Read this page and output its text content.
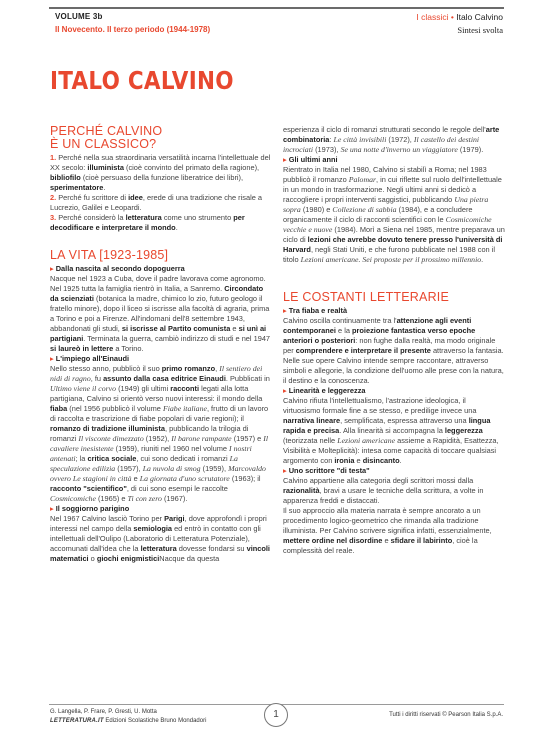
VOLUME 3b
Il Novecento. Il terzo periodo (1944-1978)
I classici • Italo Calvino
Sintesi svolta
ITALO CALVINO
PERCHÉ CALVINO
È UN CLASSICO?

1. Perché nella sua straordinaria versatilità incarna l'intellettuale del XX secolo: illuminista (cioè convinto del primato della ragione), bibliofilo (cioè persuaso della funzione liberatrice dei libri), sperimentatore.

2. Perché fu scrittore di idee, erede di una tradizione che risale a Lucrezio, Galilei e Leopardi.

3. Perché considerò la letteratura come uno strumento per decodificare e interpretare il mondo.

LA VITA [1923-1985]

▸ Dalla nascita al secondo dopoguerra

Nacque nel 1923 a Cuba, dove il padre lavorava come agronomo. Nel 1925 tutta la famiglia rientrò in Italia, a Sanremo. Circondato da scienziati (botanica la madre, chimico lo zio, futuro geologo il fratello minore), dopo il liceo si iscrisse alla facoltà di agraria, prima a Torino e poi a Firenze. All'indomani dell'8 settembre 1943, abbandonati gli studi, si iscrisse al Partito comunista e si unì ai partigiani. Terminata la guerra, cambiò indirizzo di studi e nel 1947 si laureò in lettere a Torino.

▸ L'impiego all'Einaudi

Nello stesso anno, pubblicò il suo primo romanzo, Il sentiero dei nidi di ragno, fu assunto dalla casa editrice Einaudi. Pubblicati in Ultimo viene il corvo (1949) gli ultimi racconti legati alla lotta partigiana, Calvino si orientò verso nuovi interessi: il mondo della fiaba (nel 1956 pubblicò il volume Fiabe italiane, frutto di un lavoro di raccolta e trascrizione di fiabe popolari di varie regioni); il romanzo di tradizione illuminista, pubblicando la trilogia di romanzi Il visconte dimezzato (1952), Il barone rampante (1957) e Il cavaliere inesistente (1959), riuniti nel 1960 nel volume I nostri antenati; la critica sociale, cui sono dedicati i romanzi La speculazione edilizia (1957), La nuvola di smog (1959), Marcovaldo ovvero Le stagioni in città e La giornata d'uno scrutatore (1963); il racconto "scientifico", di cui sono esempi le raccolte Cosmicomiche (1965) e Ti con zero (1967).

▸ Il soggiorno parigino

Nel 1967 Calvino lasciò Torino per Parigi, dove approfondì i propri interessi nel campo della semiologia ed entrò in contatto con gli intellettuali dell'Oulipo (Laboratorio di Letteratura Potenziale), accomunati dall'idea che la letteratura dovesse fondarsi su vincoli matematici o giochi enigmisticiNacque da questa

esperienza il ciclo di romanzi strutturati secondo le regole dell'arte combinatoria: Le città invisibili (1972), Il castello dei destini incrociati (1973), Se una notte d'inverno un viaggiatore (1979).

▸ Gli ultimi anni

Rientrato in Italia nel 1980, Calvino si stabilì a Roma; nel 1983 pubblicò il romanzo Palomar, in cui riflette sul ruolo dell'intellettuale in un mondo in trasformazione. Negli ultimi anni si dedicò a raccogliere i propri interventi saggistici, pubblicando Una pietra sopra (1980) e Collezione di sabbia (1984), e a concludere organicamente il ciclo di racconti scientifici con le Cosmicomiche vecchie e nuove (1984). Morì a Siena nel 1985, mentre preparava un ciclo di lezioni che avrebbe dovuto tenere presso l'università di Harvard, negli Stati Uniti, e che furono pubblicate nel 1988 con il titolo Lezioni americane. Sei proposte per il prossimo millennio.

LE COSTANTI LETTERARIE

▸ Tra fiaba e realtà

Calvino oscilla continuamente tra l'attenzione agli eventi contemporanei e la proiezione fantastica verso epoche anteriori o posteriori: non fughe dalla realtà, ma modo originale per comprendere e interpretare il presente attraverso la fantasia. Nelle sue opere Calvino intende sempre raccontare, attraverso simboli e allegorie, la condizione dell'uomo alle prese con la natura, il destino e la conoscenza.

▸ Linearità e leggerezza

Calvino rifiuta l'intellettualismo, l'astrazione ideologica, il virtuosismo formale fine a se stesso, e predilige invece una narrativa lineare, semplificata, espressa attraverso una lingua rapida e precisa. Alla linearità si accompagna la leggerezza (teorizzata nelle Lezioni americane assieme a Rapidità, Esattezza, Visibilità e Molteplicità): intesa come capacità di toccare qualsiasi argomento con ironia e disincanto.

▸ Uno scrittore "di testa"

Calvino appartiene alla categoria degli scrittori mossi dalla razionalità, bravi a usare le tecniche della scrittura, a volte in apparenza freddi e distaccati.

Il suo approccio alla materia narrata è sempre ancorato a un procedimento logico-geometrico che rimanda alla tradizione illuminista. Per Calvino scrivere significa infatti, essenzialmente, mettere ordine nel disordine e sfidare il labirinto, cioè la complessità del reale.

G. Langella, P. Frare, P. Gresti, U. Motta
LETTERATURA.IT Edizioni Scolastiche Bruno Mondadori
1	Tutti i diritti riservati © Pearson Italia S.p.A.
